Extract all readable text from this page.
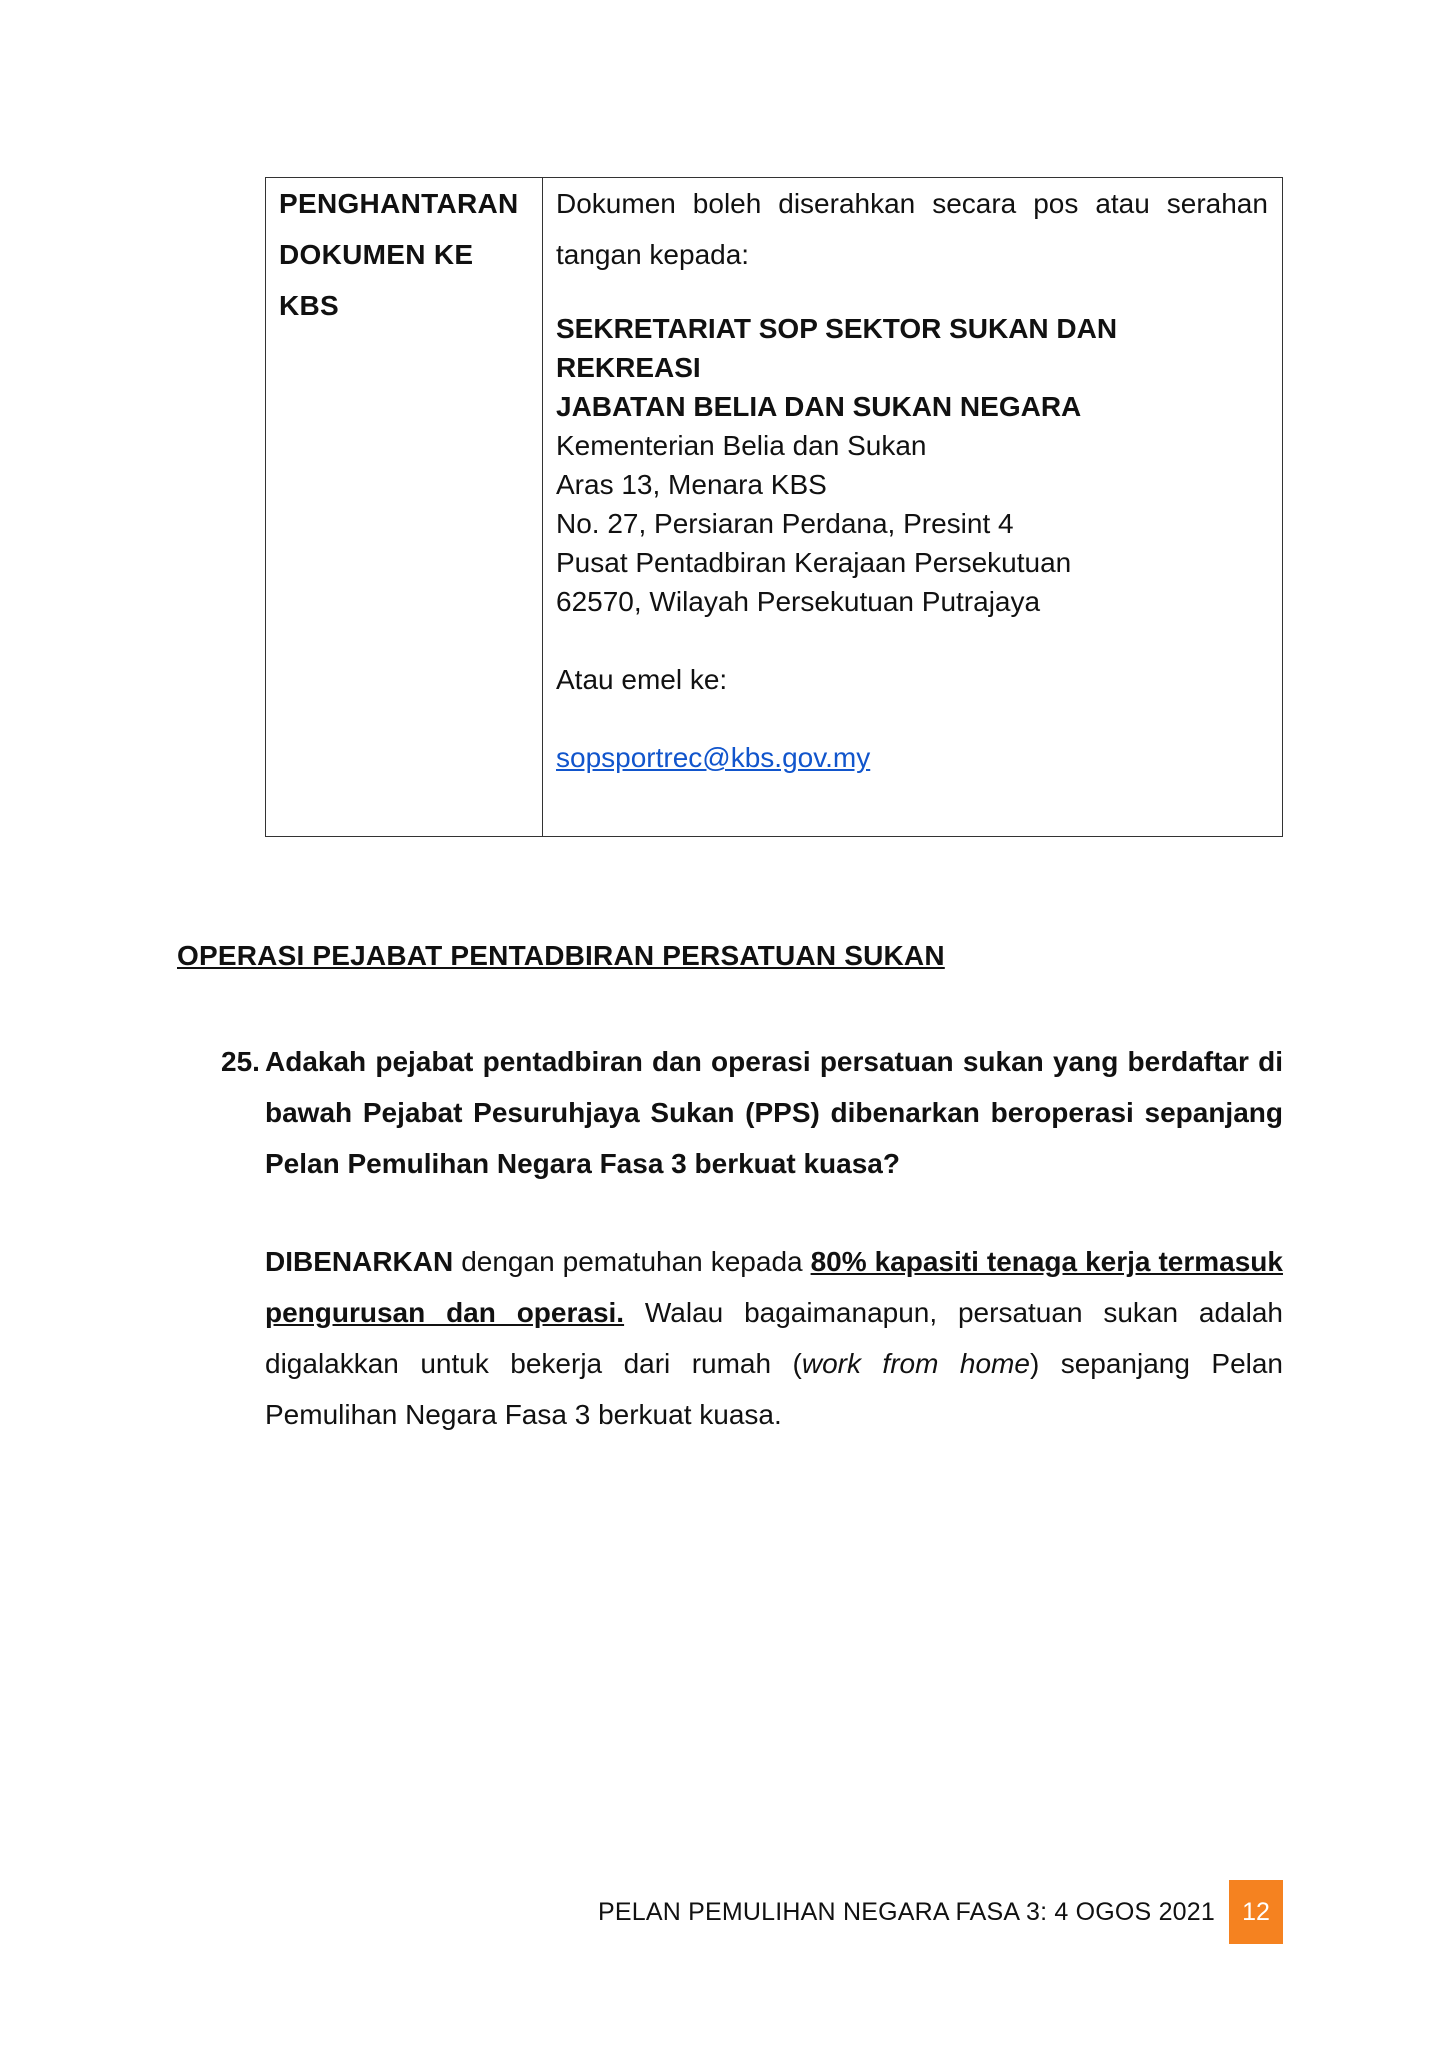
PENGHANTARAN
DOKUMEN KE
KBS
Dokumen boleh diserahkan secara pos atau serahan
tangan kepada:
SEKRETARIAT SOP SEKTOR SUKAN DAN
REKREASI
JABATAN BELIA DAN SUKAN NEGARA
Kementerian Belia dan Sukan
Aras 13, Menara KBS
No. 27, Persiaran Perdana, Presint 4
Pusat Pentadbiran Kerajaan Persekutuan
62570, Wilayah Persekutuan Putrajaya
Atau emel ke:
sopsportrec@kbs.gov.my
OPERASI PEJABAT PENTADBIRAN PERSATUAN SUKAN
25. Adakah pejabat pentadbiran dan operasi persatuan sukan yang berdaftar di bawah Pejabat Pesuruhjaya Sukan (PPS) dibenarkan beroperasi sepanjang Pelan Pemulihan Negara Fasa 3 berkuat kuasa?
DIBENARKAN dengan pematuhan kepada 80% kapasiti tenaga kerja termasuk pengurusan dan operasi. Walau bagaimanapun, persatuan sukan adalah digalakkan untuk bekerja dari rumah (work from home) sepanjang Pelan Pemulihan Negara Fasa 3 berkuat kuasa.
PELAN PEMULIHAN NEGARA FASA 3: 4 OGOS 2021	12
